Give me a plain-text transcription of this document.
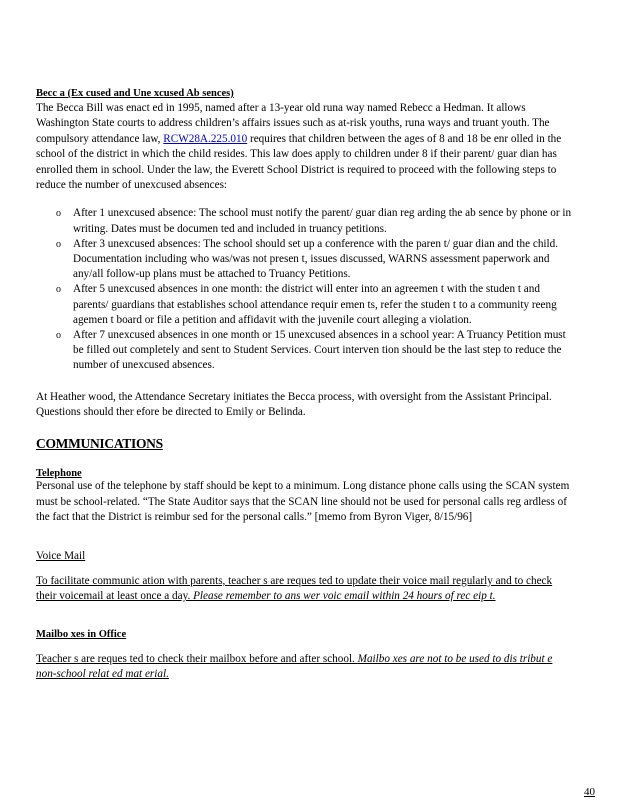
Becc a (Ex cused and Une xcused Ab sences)

The Becca Bill was enact ed in 1995, named after a 13-year old runa way named Rebecc a Hedman. It allows Washington State courts to address children’s affairs issues such as at-risk youths, runa ways and truant youth. The compulsory attendance law, RCW28A.225.010 requires that children between the ages of 8 and 18 be enr olled in the school of the district in which the child resides. This law does apply to children under 8 if their parent/ guar dian has enrolled them in school. Under the law, the Everett School District is required to proceed with the following steps to reduce the number of unexcused absences:

o After 1 unexcused absence: The school must notify the parent/ guar dian reg arding the ab sence by phone or in writing. Dates must be documen ted and included in truancy petitions.
o After 3 unexcused absences: The school should set up a conference with the paren t/ guar dian and the child. Documentation including who was/was not presen t, issues discussed, WARNS assessment paperwork and any/all follow-up plans must be attached to Truancy Petitions.
o After 5 unexcused absences in one month: the district will enter into an agreemen t with the studen t and parents/ guardians that establishes school attendance requir emen ts, refer the studen t to a community reeng agemen t board or file a petition and affidavit with the juvenile court alleging a violation.
o After 7 unexcused absences in one month or 15 unexcused absences in a school year: A Truancy Petition must be filled out completely and sent to Student Services. Court interven tion should be the last step to reduce the number of unexcused absences.

At Heather wood, the Attendance Secretary initiates the Becca process, with oversight from the Assistant Principal. Questions should ther efore be directed to Emily or Belinda.

COMMUNICATIONS
Telephone

Personal use of the telephone by staff should be kept to a minimum. Long distance phone calls using the SCAN system must be school-related. “The State Auditor says that the SCAN line should not be used for personal calls reg ardless of the fact that the District is reimbur sed for the personal calls.” [memo from Byron Viger, 8/15/96]

Voice Mail

To facilitate communic ation with parents, teacher s are reques ted to update their voice mail regularly and to check their voicemail at least once a day. Please remember to ans wer voic email within 24 hours of rec eip t.

Mailbo xes in Office

Teacher s are reques ted to check their mailbox before and after school. Mailbo xes are not to be used to dis tribut e non-school relat ed mat erial.

40
